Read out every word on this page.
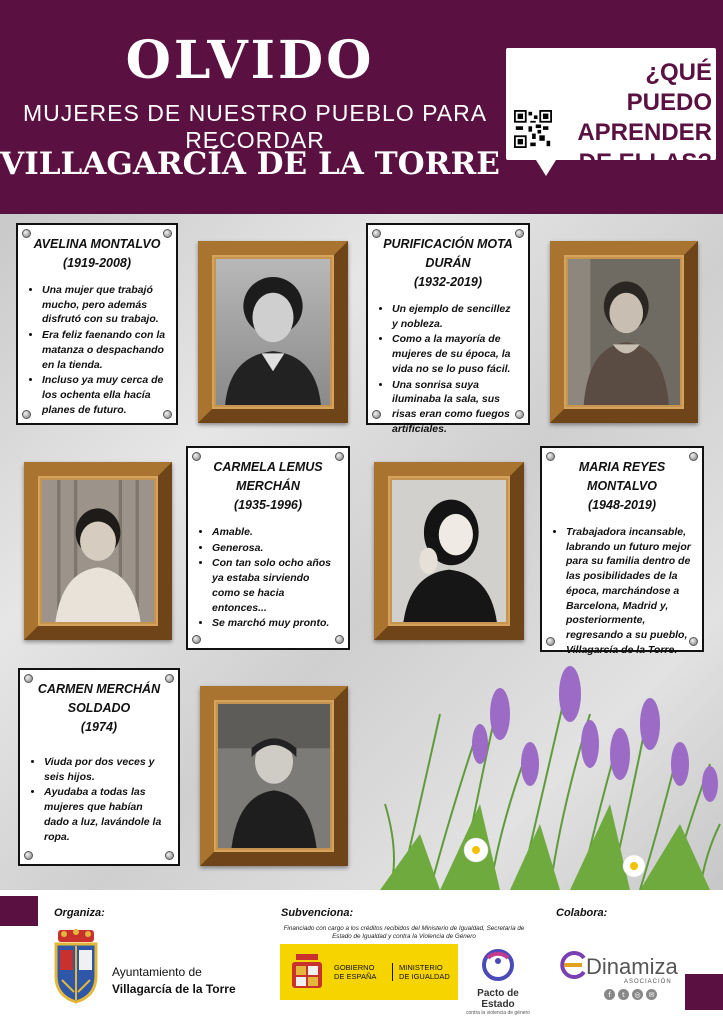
OLVIDO
MUJERES DE NUESTRO PUEBLO PARA RECORDAR
VILLAGARCÍA DE LA TORRE
¿QUÉ PUEDO
APRENDER
DE ELLAS?
AVELINA MONTALVO
(1919-2008)
• Una mujer que trabajó mucho, pero además disfrutó con su trabajo.
• Era feliz faenando con la matanza o despachando en la tienda.
• Incluso ya muy cerca de los ochenta ella hacía planes de futuro.
PURIFICACIÓN MOTA DURÁN
(1932-2019)
• Un ejemplo de sencillez y nobleza.
• Como a la mayoría de mujeres de su época, la vida no se lo puso fácil.
• Una sonrisa suya iluminaba la sala, sus risas eran como fuegos artificiales.
CARMELA LEMUS MERCHÁN
(1935-1996)
• Amable.
• Generosa.
• Con tan solo ocho años ya estaba sirviendo como se hacia entonces...
• Se marchó muy pronto.
MARIA REYES MONTALVO
(1948-2019)
• Trabajadora incansable, labrando un futuro mejor para su familia dentro de las posibilidades de la época, marchándose a Barcelona, Madrid y, posteriormente, regresando a su pueblo, Villagarcía de la Torre.
CARMEN MERCHÁN SOLDADO
(1974)
• Viuda por dos veces y seis hijos.
• Ayudaba a todas las mujeres que habían dado a luz, lavándole la ropa.
Organiza:	Subvenciona:	Colabora:
Ayuntamiento de
Villagarcía de la Torre
Financiado con cargo a los créditos recibidos del Ministerio de Igualdad, Secretaría de Estado de Igualdad y contra la Violencia de Género
GOBIERNO
DE ESPAÑA
MINISTERIO
DE IGUALDAD
Pacto de Estado
contra la violencia de género
Dinamiza
ASOCIACIÓN
f	t	◎	✉
